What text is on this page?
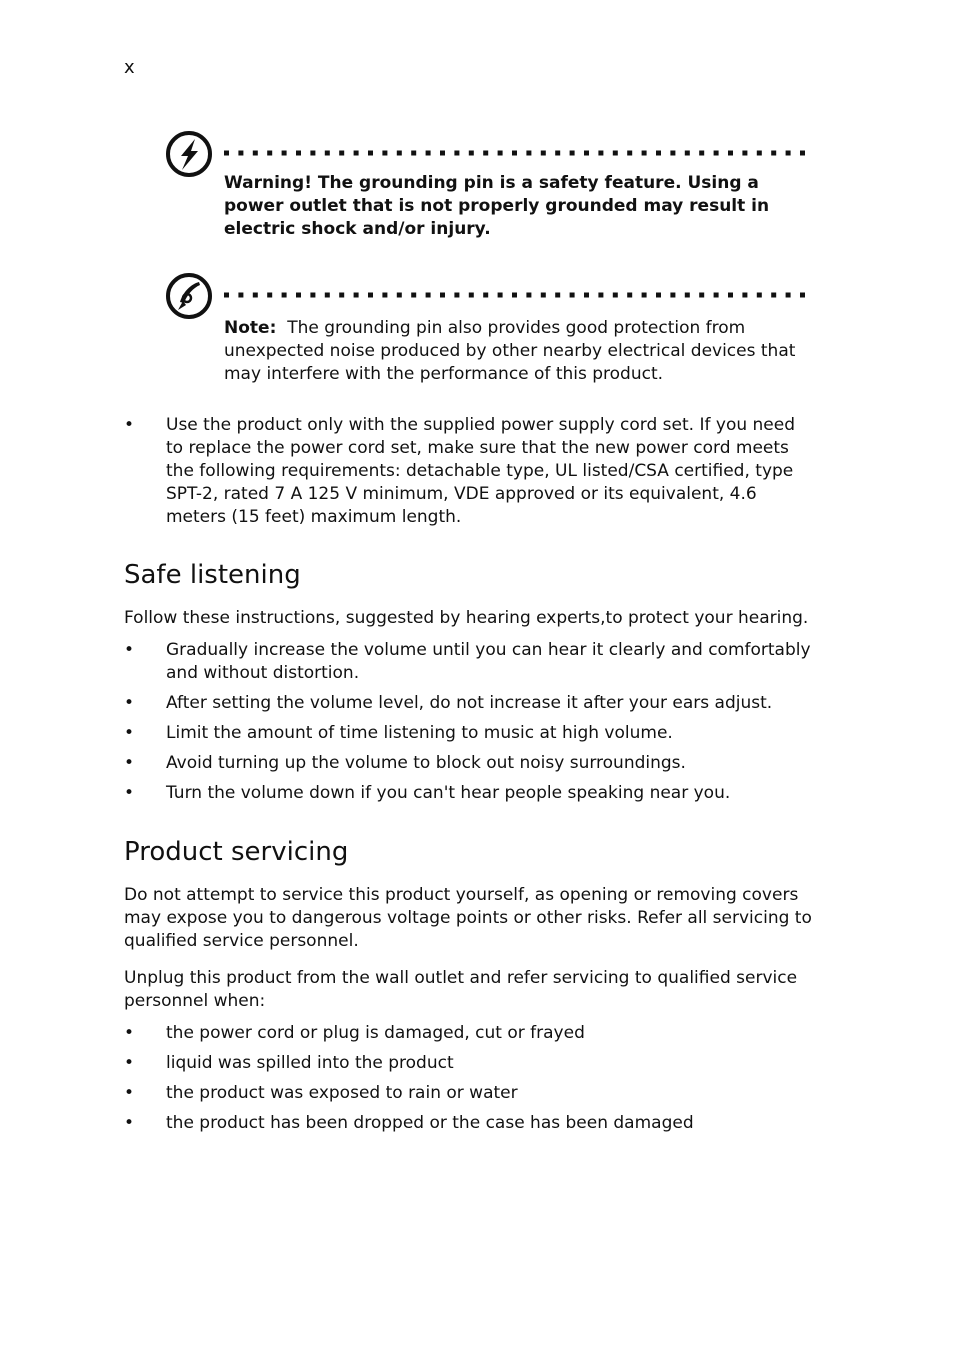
x
Warning! The grounding pin is a safety feature. Using a power outlet that is not properly grounded may result in electric shock and/or injury.
Note: The grounding pin also provides good protection from unexpected noise produced by other nearby electrical devices that may interfere with the performance of this product.
• Use the product only with the supplied power supply cord set. If you need to replace the power cord set, make sure that the new power cord meets the following requirements: detachable type, UL listed/CSA certified, type SPT-2, rated 7 A 125 V minimum, VDE approved or its equivalent, 4.6 meters (15 feet) maximum length.
Safe listening

Follow these instructions, suggested by hearing experts,to protect your hearing.

• Gradually increase the volume until you can hear it clearly and comfortably and without distortion.
• After setting the volume level, do not increase it after your ears adjust.
• Limit the amount of time listening to music at high volume.
• Avoid turning up the volume to block out noisy surroundings.
• Turn the volume down if you can't hear people speaking near you.
Product servicing

Do not attempt to service this product yourself, as opening or removing covers may expose you to dangerous voltage points or other risks. Refer all servicing to qualified service personnel.

Unplug this product from the wall outlet and refer servicing to qualified service personnel when:

• the power cord or plug is damaged, cut or frayed
• liquid was spilled into the product
• the product was exposed to rain or water
• the product has been dropped or the case has been damaged
